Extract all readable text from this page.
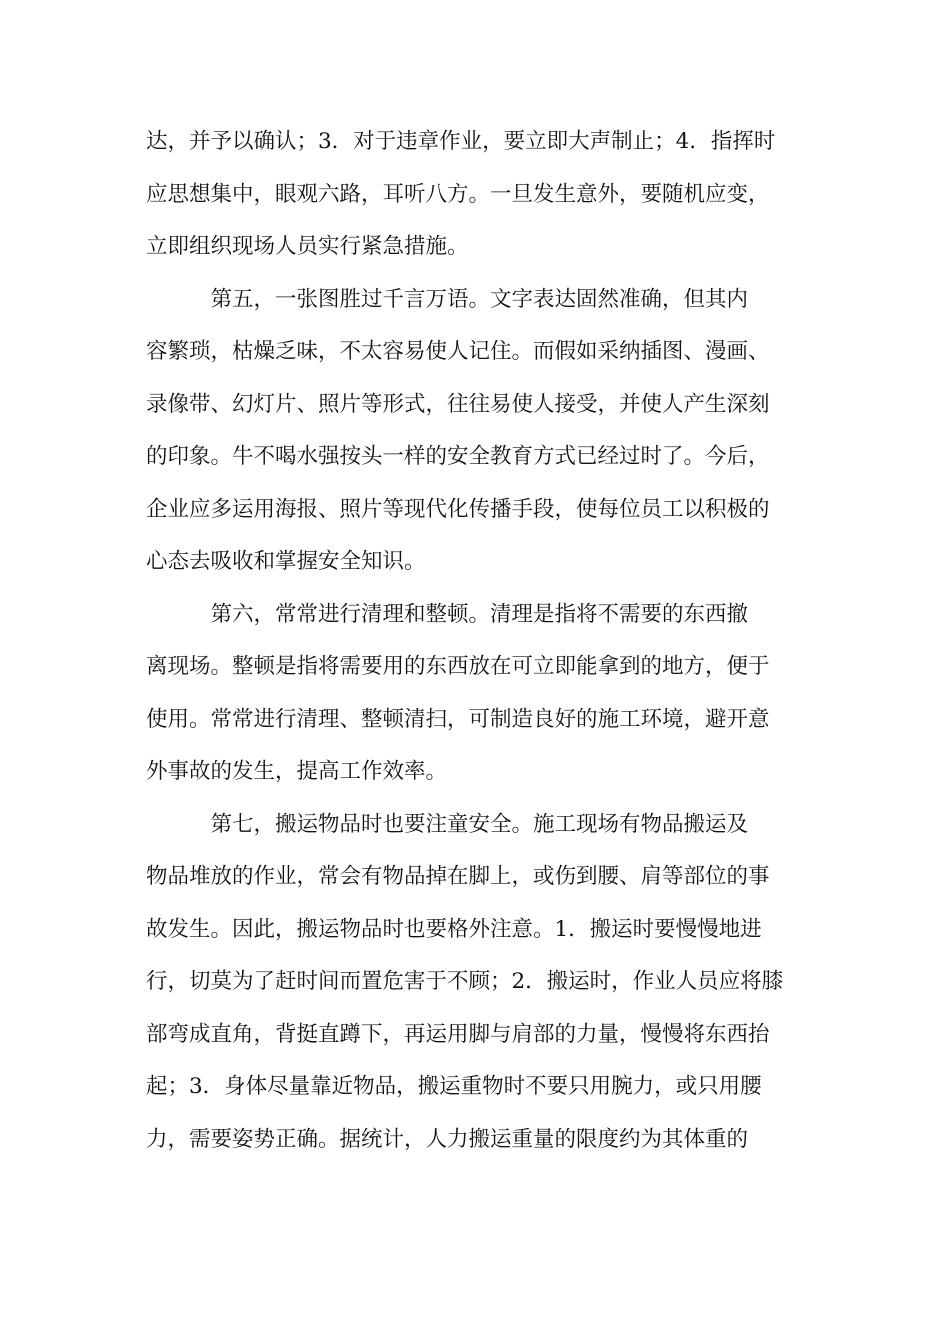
达，并予以确认；3．对于违章作业，要立即大声制止；4．指挥时
应思想集中，眼观六路，耳听八方。一旦发生意外，要随机应变，
立即组织现场人员实行紧急措施。
　　　第五，一张图胜过千言万语。文字表达固然准确，但其内
容繁琐，枯燥乏味，不太容易使人记住。而假如采纳插图、漫画、
录像带、幻灯片、照片等形式，往往易使人接受，并使人产生深刻
的印象。牛不喝水强按头一样的安全教育方式已经过时了。今后，
企业应多运用海报、照片等现代化传播手段，使每位员工以积极的
心态去吸收和掌握安全知识。
　　　第六，常常进行清理和整顿。清理是指将不需要的东西撤
离现场。整顿是指将需要用的东西放在可立即能拿到的地方，便于
使用。常常进行清理、整顿清扫，可制造良好的施工环境，避开意
外事故的发生，提高工作效率。
　　　第七，搬运物品时也要注童安全。施工现场有物品搬运及
物品堆放的作业，常会有物品掉在脚上，或伤到腰、肩等部位的事
故发生。因此，搬运物品时也要格外注意。1．搬运时要慢慢地进
行，切莫为了赶时间而置危害于不顾；2．搬运时，作业人员应将膝
部弯成直角，背挺直蹲下，再运用脚与肩部的力量，慢慢将东西抬
起；3．身体尽量靠近物品，搬运重物时不要只用腕力，或只用腰
力，需要姿势正确。据统计，人力搬运重量的限度约为其体重的
